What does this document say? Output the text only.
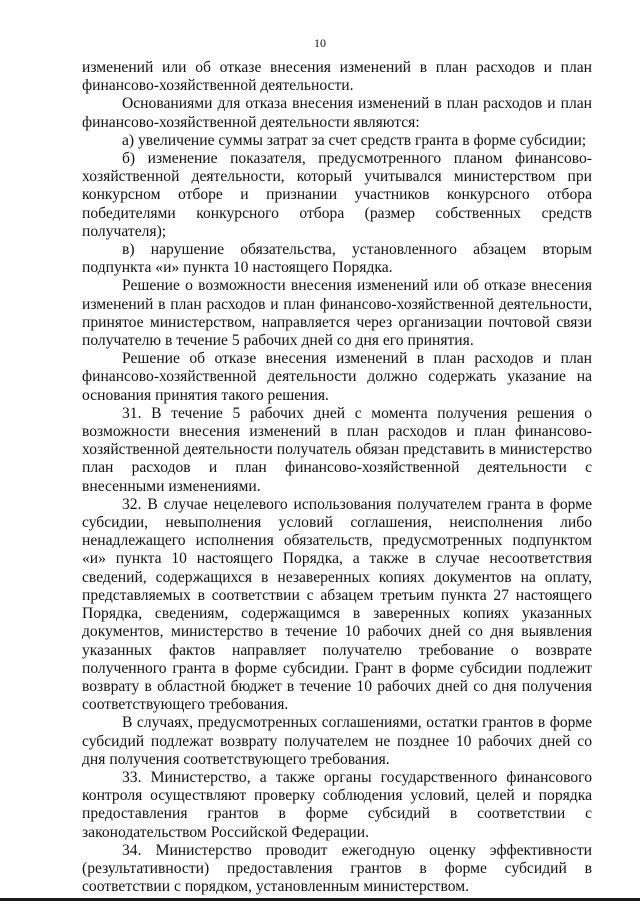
10

изменений или об отказе внесения изменений в план расходов и план финансово-хозяйственной деятельности.

Основаниями для отказа внесения изменений в план расходов и план финансово-хозяйственной деятельности являются:

а) увеличение суммы затрат за счет средств гранта в форме субсидии;

б) изменение показателя, предусмотренного планом финансово-хозяйственной деятельности, который учитывался министерством при конкурсном отборе и признании участников конкурсного отбора победителями конкурсного отбора (размер собственных средств получателя);

в) нарушение обязательства, установленного абзацем вторым подпункта «и» пункта 10 настоящего Порядка.

Решение о возможности внесения изменений или об отказе внесения изменений в план расходов и план финансово-хозяйственной деятельности, принятое министерством, направляется через организации почтовой связи получателю в течение 5 рабочих дней со дня его принятия.

Решение об отказе внесения изменений в план расходов и план финансово-хозяйственной деятельности должно содержать указание на основания принятия такого решения.

31. В течение 5 рабочих дней с момента получения решения о возможности внесения изменений в план расходов и план финансово-хозяйственной деятельности получатель обязан представить в министерство план расходов и план финансово-хозяйственной деятельности с внесенными изменениями.

32. В случае нецелевого использования получателем гранта в форме субсидии, невыполнения условий соглашения, неисполнения либо ненадлежащего исполнения обязательств, предусмотренных подпунктом «и» пункта 10 настоящего Порядка, а также в случае несоответствия сведений, содержащихся в незаверенных копиях документов на оплату, представляемых в соответствии с абзацем третьим пункта 27 настоящего Порядка, сведениям, содержащимся в заверенных копиях указанных документов, министерство в течение 10 рабочих дней со дня выявления указанных фактов направляет получателю требование о возврате полученного гранта в форме субсидии. Грант в форме субсидии подлежит возврату в областной бюджет в течение 10 рабочих дней со дня получения соответствующего требования.

В случаях, предусмотренных соглашениями, остатки грантов в форме субсидий подлежат возврату получателем не позднее 10 рабочих дней со дня получения соответствующего требования.

33. Министерство, а также органы государственного финансового контроля осуществляют проверку соблюдения условий, целей и порядка предоставления грантов в форме субсидий в соответствии с законодательством Российской Федерации.

34. Министерство проводит ежегодную оценку эффективности (результативности) предоставления грантов в форме субсидий в соответствии с порядком, установленным министерством.
